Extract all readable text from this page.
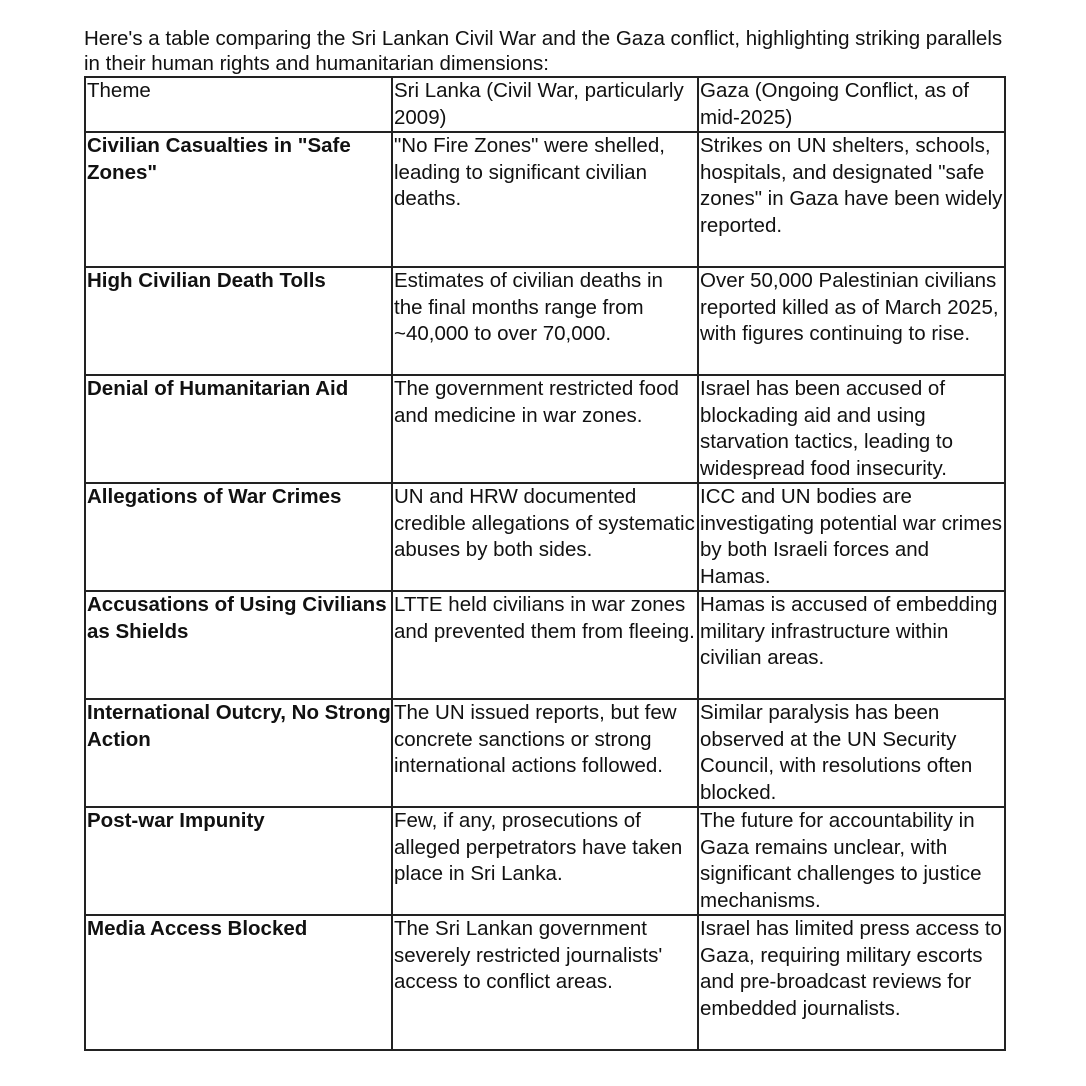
Here's a table comparing the Sri Lankan Civil War and the Gaza conflict, highlighting striking parallels in their human rights and humanitarian dimensions:

Theme	Sri Lanka (Civil War, particularly 2009)	Gaza (Ongoing Conflict, as of mid-2025)
Civilian Casualties in "Safe Zones"	"No Fire Zones" were shelled, leading to significant civilian deaths.	Strikes on UN shelters, schools, hospitals, and designated "safe zones" in Gaza have been widely reported.
High Civilian Death Tolls	Estimates of civilian deaths in the final months range from ~40,000 to over 70,000.	Over 50,000 Palestinian civilians reported killed as of March 2025, with figures continuing to rise.
Denial of Humanitarian Aid	The government restricted food and medicine in war zones.	Israel has been accused of blockading aid and using starvation tactics, leading to widespread food insecurity.
Allegations of War Crimes	UN and HRW documented credible allegations of systematic abuses by both sides.	ICC and UN bodies are investigating potential war crimes by both Israeli forces and Hamas.
Accusations of Using Civilians as Shields	LTTE held civilians in war zones and prevented them from fleeing.	Hamas is accused of embedding military infrastructure within civilian areas.
International Outcry, No Strong Action	The UN issued reports, but few concrete sanctions or strong international actions followed.	Similar paralysis has been observed at the UN Security Council, with resolutions often blocked.
Post-war Impunity	Few, if any, prosecutions of alleged perpetrators have taken place in Sri Lanka.	The future for accountability in Gaza remains unclear, with significant challenges to justice mechanisms.
Media Access Blocked	The Sri Lankan government severely restricted journalists' access to conflict areas.	Israel has limited press access to Gaza, requiring military escorts and pre-broadcast reviews for embedded journalists.
